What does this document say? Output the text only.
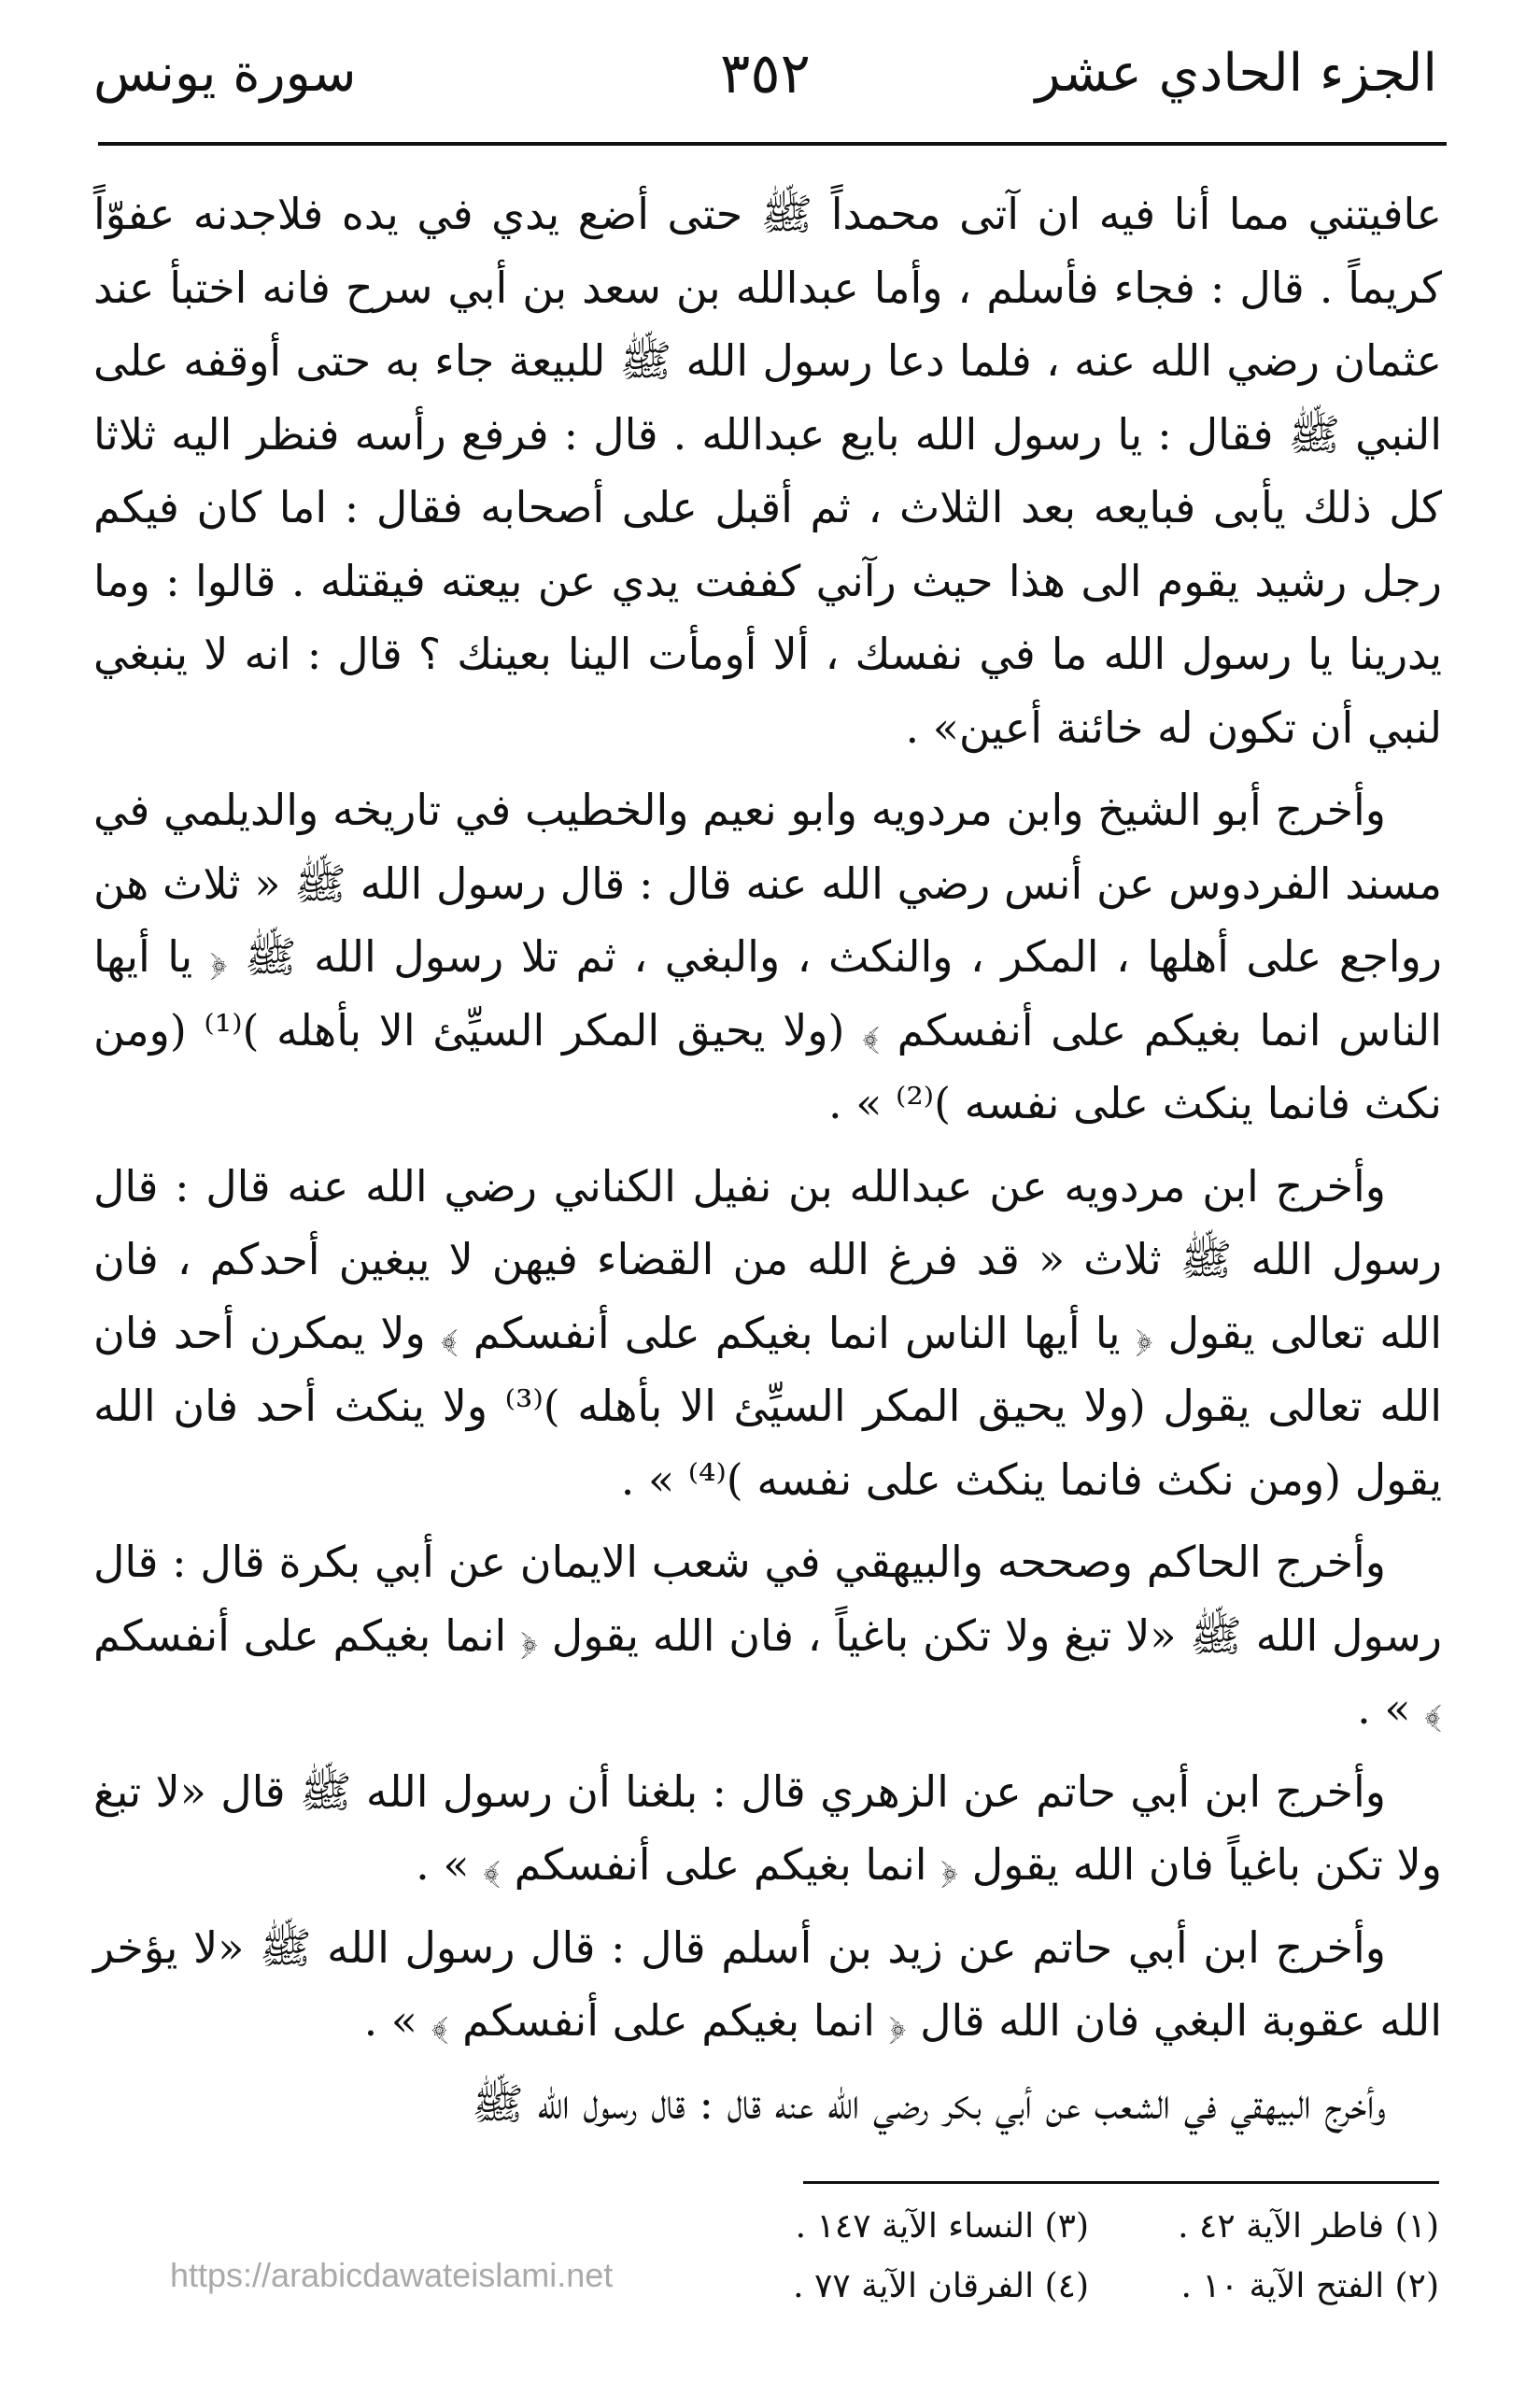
الجزء الحادي عشر
٣٥٢
سورة يونس

عافيتني مما أنا فيه ان آتى محمداً ﷺ حتى أضع يدي في يده فلاجدنه عفوّاً كريماً . قال : فجاء فأسلم ، وأما عبدالله بن سعد بن أبي سرح فانه اختبأ عند عثمان رضي الله عنه ، فلما دعا رسول الله ﷺ للبيعة جاء به حتى أوقفه على النبي ﷺ فقال : يا رسول الله بايع عبدالله . قال : فرفع رأسه فنظر اليه ثلاثا كل ذلك يأبى فبايعه بعد الثلاث ، ثم أقبل على أصحابه فقال : اما كان فيكم رجل رشيد يقوم الى هذا حيث رآني كففت يدي عن بيعته فيقتله . قالوا : وما يدرينا يا رسول الله ما في نفسك ، ألا أومأت الينا بعينك ؟ قال : انه لا ينبغي لنبي أن تكون له خائنة أعين» .

وأخرج أبو الشيخ وابن مردويه وابو نعيم والخطيب في تاريخه والديلمي في مسند الفردوس عن أنس رضي الله عنه قال : قال رسول الله ﷺ « ثلاث هن رواجع على أهلها ، المكر ، والنكث ، والبغي ، ثم تلا رسول الله ﷺ ﴿ يا أيها الناس انما بغيكم على أنفسكم ﴾ (ولا يحيق المكر السيِّئ الا بأهله )⁽¹⁾ (ومن نكث فانما ينكث على نفسه )⁽²⁾ » .

وأخرج ابن مردويه عن عبدالله بن نفيل الكناني رضي الله عنه قال : قال رسول الله ﷺ ثلاث « قد فرغ الله من القضاء فيهن لا يبغين أحدكم ، فان الله تعالى يقول ﴿ يا أيها الناس انما بغيكم على أنفسكم ﴾ ولا يمكرن أحد فان الله تعالى يقول (ولا يحيق المكر السيِّئ الا بأهله )⁽³⁾ ولا ينكث أحد فان الله يقول (ومن نكث فانما ينكث على نفسه )⁽⁴⁾ » .

وأخرج الحاكم وصححه والبيهقي في شعب الايمان عن أبي بكرة قال : قال رسول الله ﷺ «لا تبغ ولا تكن باغياً ، فان الله يقول ﴿ انما بغيكم على أنفسكم ﴾ » .

وأخرج ابن أبي حاتم عن الزهري قال : بلغنا أن رسول الله ﷺ قال «لا تبغ ولا تكن باغياً فان الله يقول ﴿ انما بغيكم على أنفسكم ﴾ » .

وأخرج ابن أبي حاتم عن زيد بن أسلم قال : قال رسول الله ﷺ «لا يؤخر الله عقوبة البغي فان الله قال ﴿ انما بغيكم على أنفسكم ﴾ » .

وأخرج البيهقي في الشعب عن أبي بكر رضي الله عنه قال : قال رسول الله ﷺ

(١) فاطر الآية ٤٢ .
(٣) النساء الآية ١٤٧ .
(٢) الفتح الآية ١٠ .
(٤) الفرقان الآية ٧٧ .
https://arabicdawateislami.net
